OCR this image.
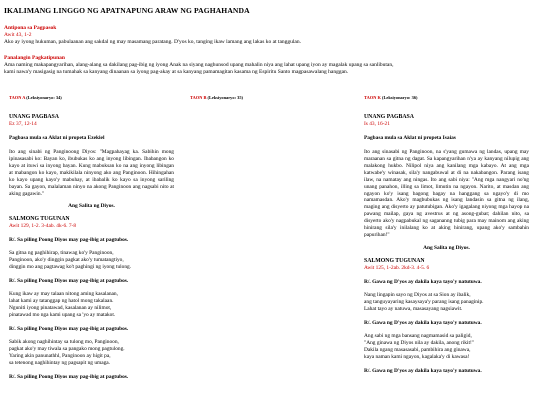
IKALIMANG LINGGO NG APATNAPUNG ARAW NG PAGHAHANDA
Antipona sa Pagpasok
Awit 43, 1-2
Ako ay iyong hukuman, pabulaanan ang sakdal ng may masamang paratang. D'yos ko, tanging ikaw lamang ang lakas ko at tanggulan.
Panalangin Pagkatipunan
Ama naming makapangyarihan, alang-alang sa dakilang pag-ibig ng iyong Anak na siyang naghunsod upang mahalin niya ang lahat upang iyon ay magalak upang sa sanlibutan,
kami nawa'y masigasig na tumahak sa kanyang dinaanan sa iyong pag-akay at sa kanyang pamamagitan kasama ng Espiritu Santo magpasawalang hanggan.
TAON A (Leksiyonaryo: 34)
UNANG PAGBASA
Ez 37, 12-14
Pagbasa mula sa Aklat ni propeta Ezekiel
Ito ang sinabi ng Panginoong Diyos: "Magpahayag ka. Sabihin mong ipinasasabi ko: Bayan ko, ibubukas ko ang inyong libingan. Ibabangon ko kayo at ituwi sa inyong bayan. Kung mabuksan ko na ang inyong libingan at mabangon ko kayo, makikilala ninyong ako ang Panginoon. Hihingahan ko kayo upang kayo'y mabuhay, at ibabalik ko kayo sa inyong sariling bayan. Sa gayon, malalaman ninyo na akong Panginoon ang nagsabi nito at aking gagawin."
Ang Salita ng Diyos.
SALMONG TUGUNAN
Awit 129, 1-2. 3-4ab. 4k-6. 7-8
R/. Sa piling Poong Diyos may pag-ibig at pagtubos.
Sa gitna ng paghihirap, tinawag ko'y Panginoon,
Panginoon, ako'y dinggin pagkat ako'y tumatangtiyo,
dinggin mo ang pagtawag ko't paghingi ng iyong tulong.
R/. Sa piling Poong Diyos may pag-ibig at pagtubos.
Kung ikaw ay may talaan nitong aming kasalanan,
lahat kami ay tatanggap ng hatol mong takalaan.
Nguniti iyong pinatawad, kasalanan ay nilimot,
pinatawad mo nga kami upang sa 'yo ay matakot.
R/. Sa piling Poong Diyos may pag-ibig at pagtubos.
Sabik akong naghihintay sa tulong mo, Panginoon,
pagkat ako'y may tiwala sa pangako mong pagtulong.
Yaring akin panunathhl, Panginoon ay higit pa,
sa tetenong naghihintay ng pagsapit ng umaga.
R/. Sa piling Poong Diyos may pag-ibig at pagtubos.
TAON B (Leksiyonaryo: 35)	TAON K (Leksiyonaryo: 36)
UNANG PAGBASA
Is 43, 16-21
Pagbasa mula sa Aklat ni propeta Isaias
Ito ang sinasabi ng Panginoon, na s'yang gumawa ng landas, upang may maraanan sa gitna ng dagat. Sa kapangyarihan n'ya ay kanyang nilupig ang malakong hukbo. Nilipol niya ang kanilang mga kabayo. At ang mga katwabe'y winasak, sila'y nangabuwal at di na nakabangon. Parang isang ilaw, na namatay ang ningas. Ito ang sabi niya: "Ang mga nangyari no'ng unang panahon, illing sa limot, limutin na ngayon. Narito, at masdan ang ngayon ko'y isang bagong bagay na hanggang sa ngayo'y di mo namamasdan. Ako'y magbubukas ng isang landasin sa gitna ng ilang, maging ang disyerto ay patutubigan. Ako'y igagalang niyong mga hayop na pawang mailap, gaya ng avestrus at ng asong-gubat; dahilan nito, sa disyerto ako'y nagpabukal ng sagananng tubig para may mainom ang aking hinirang sila'y inilalang ko at aking hinirang, upang ako'y sambahin papurihan!"
Ang Salita ng Diyos.
SALMONG TUGUNAN
Awit 125, 1-2ab. 2kd-3. 4-5. 6
R/. Gawa ng D'yos ay dakila kaya tayo'y natutuwa.
Nang lingapin sayo ng Diyos at sa Sion ay ibalik,
ang tanguyayaring kasaysaya'y parang isang panaginip.
Lahat tayo ay natuwa, masasayang nagsiawit.
R/. Gawa ng D'yos ay dakila kaya tayo'y natutuwa.
Ang sabi ng mga bansang nagmamasid sa paligid,
"Ang ginawa ng Diyos nila ay dakila, anong rikit!"
Dakila ngang masasasabi, pambihira ang ginawa,
kaya naman kami ngayon, kagalaka'y di kawasa!
R/. Gawa ng D'yos ay dakila kaya tayo'y natutuwa.
